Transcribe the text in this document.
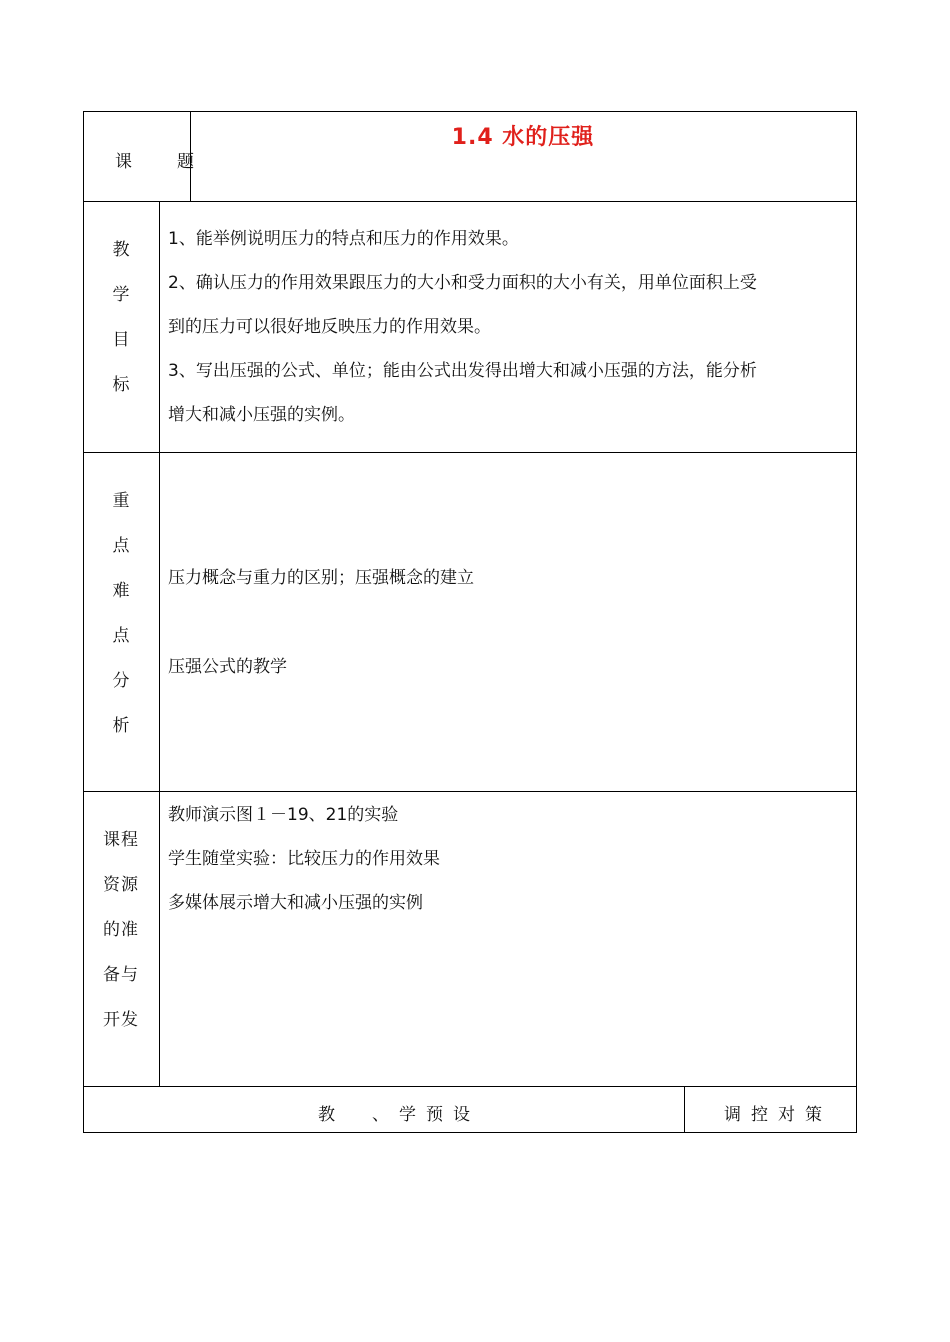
课　题
1.4 水的压强
教
学
目
标
1、能举例说明压力的特点和压力的作用效果。
2、确认压力的作用效果跟压力的大小和受力面积的大小有关，用单位面积上受
到的压力可以很好地反映压力的作用效果。
3、写出压强的公式、单位；能由公式出发得出增大和减小压强的方法，能分析
增大和减小压强的实例。
重
点
难
点
分
析
压力概念与重力的区别；压强概念的建立
压强公式的教学
课程
资源
的准
备与
开发
教师演示图１－19、21的实验
学生随堂实验：比较压力的作用效果
多媒体展示增大和减小压强的实例
教　、学预设	调控对策
